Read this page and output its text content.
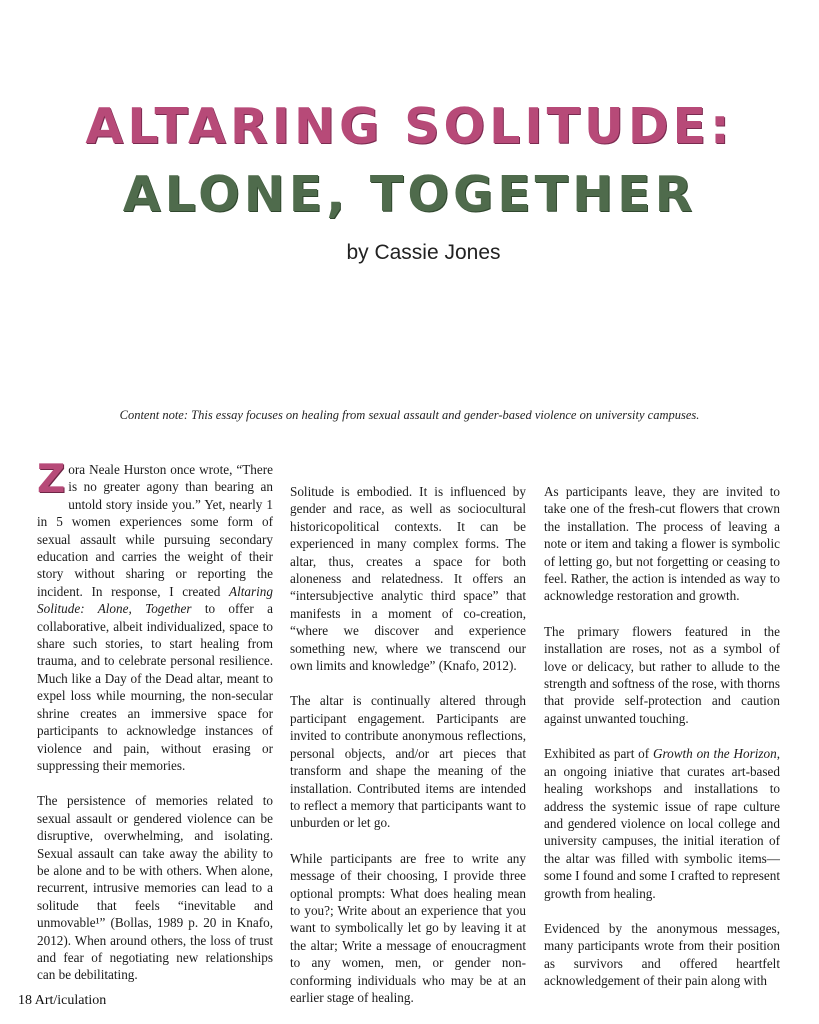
ALTARING SOLITUDE:
ALONE, TOGETHER
by Cassie Jones
Content note: This essay focuses on healing from sexual assault and gender-based violence on university campuses.

Zora Neale Hurston once wrote, “There is no greater agony than bearing an untold story inside you.” Yet, nearly 1 in 5 women experiences some form of sexual assault while pursuing secondary education and carries the weight of their story without sharing or reporting the incident. In response, I created Altaring Solitude: Alone, Together to offer a collaborative, albeit individualized, space to share such stories, to start healing from trauma, and to celebrate personal resilience. Much like a Day of the Dead altar, meant to expel loss while mourning, the non-secular shrine creates an immersive space for participants to acknowledge instances of violence and pain, without erasing or suppressing their memories.

The persistence of memories related to sexual assault or gendered violence can be disruptive, overwhelming, and isolating. Sexual assault can take away the ability to be alone and to be with others. When alone, recurrent, intrusive memories can lead to a solitude that feels “inevitable and unmovable¹” (Bollas, 1989 p. 20 in Knafo, 2012). When around others, the loss of trust and fear of negotiating new relationships can be debilitating.

Solitude is embodied. It is influenced by gender and race, as well as sociocultural historicopolitical contexts. It can be experienced in many complex forms. The altar, thus, creates a space for both aloneness and relatedness. It offers an “intersubjective analytic third space” that manifests in a moment of co-creation, “where we discover and experience something new, where we transcend our own limits and knowledge” (Knafo, 2012).

The altar is continually altered through participant engagement. Participants are invited to contribute anonymous reflections, personal objects, and/or art pieces that transform and shape the meaning of the installation. Contributed items are intended to reflect a memory that participants want to unburden or let go.

While participants are free to write any message of their choosing, I provide three optional prompts: What does healing mean to you?; Write about an experience that you want to symbolically let go by leaving it at the altar; Write a message of enoucragment to any women, men, or gender non-conforming individuals who may be at an earlier stage of healing.

As participants leave, they are invited to take one of the fresh-cut flowers that crown the installation. The process of leaving a note or item and taking a flower is symbolic of letting go, but not forgetting or ceasing to feel. Rather, the action is intended as way to acknowledge restoration and growth.

The primary flowers featured in the installation are roses, not as a symbol of love or delicacy, but rather to allude to the strength and softness of the rose, with thorns that provide self-protection and caution against unwanted touching.

Exhibited as part of Growth on the Horizon, an ongoing iniative that curates art-based healing workshops and installations to address the systemic issue of rape culture and gendered violence on local college and university campuses, the initial iteration of the altar was filled with symbolic items—some I found and some I crafted to represent growth from healing.

Evidenced by the anonymous messages, many participants wrote from their position as survivors and offered heartfelt acknowledgement of their pain along with

18 Art/iculation
